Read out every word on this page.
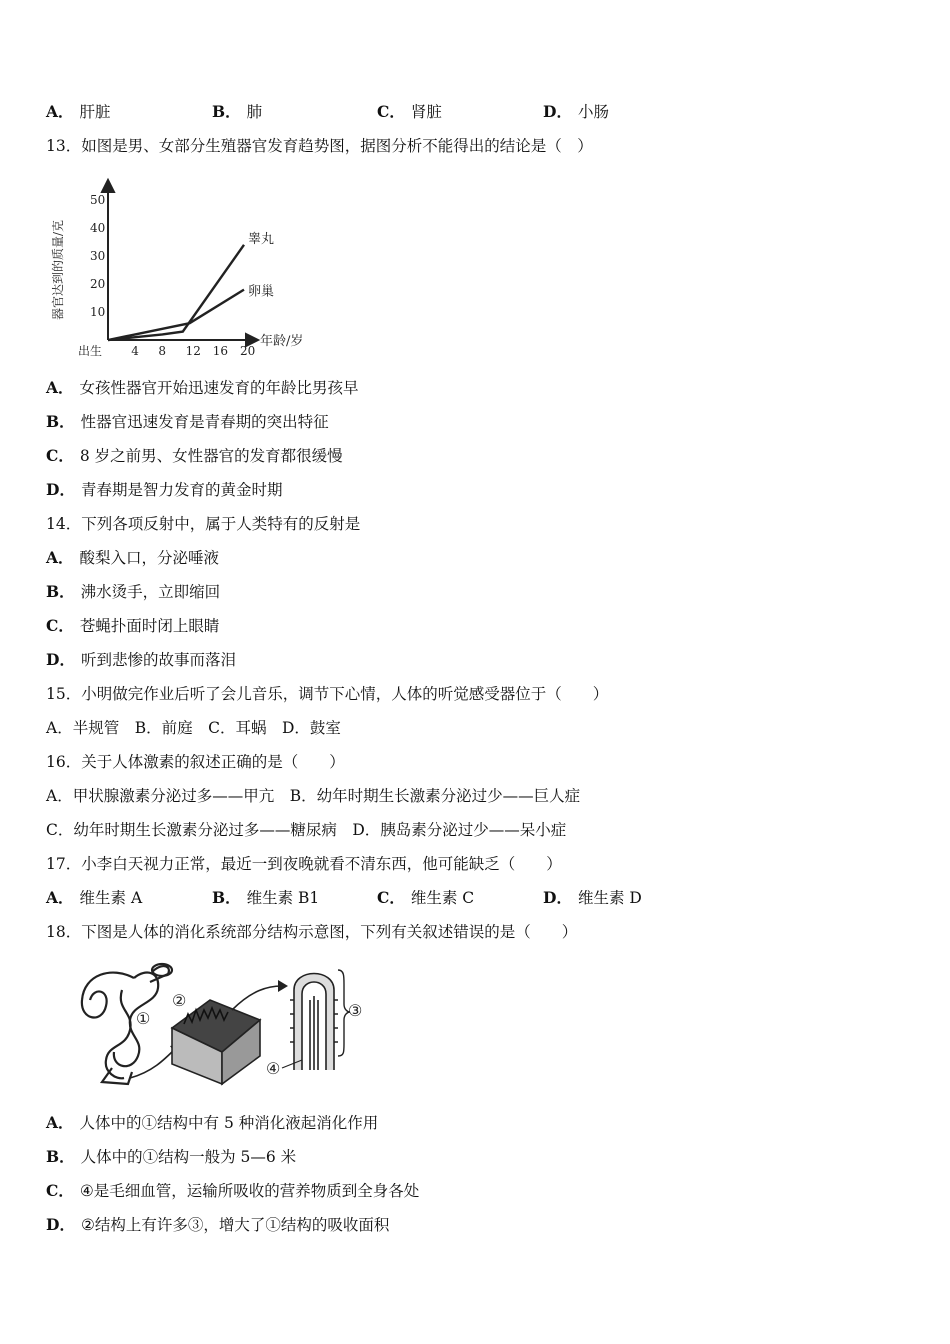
A． 肝脏	B． 肺	C． 肾脏	D． 小肠
13．如图是男、女部分生殖器官发育趋势图，据图分析不能得出的结论是（　）
器官达到的质量/克 10
20
30
40
50
出生 4 8 12 16 20
睾丸
卵巢
年龄/岁
A． 女孩性器官开始迅速发育的年龄比男孩早
B． 性器官迅速发育是青春期的突出特征
C． 8 岁之前男、女性器官的发育都很缓慢
D． 青春期是智力发育的黄金时期
14．下列各项反射中，属于人类特有的反射是
A． 酸梨入口，分泌唾液
B． 沸水烫手，立即缩回
C． 苍蝇扑面时闭上眼睛
D． 听到悲惨的故事而落泪
15．小明做完作业后听了会儿音乐，调节下心情，人体的听觉感受器位于（　　）
A．半规管　B．前庭　C．耳蜗　D．鼓室
16．关于人体激素的叙述正确的是（　　）
A．甲状腺激素分泌过多——甲亢　B．幼年时期生长激素分泌过少——巨人症
C．幼年时期生长激素分泌过多——糖尿病　D．胰岛素分泌过少——呆小症
17．小李白天视力正常，最近一到夜晚就看不清东西，他可能缺乏（　　）
A． 维生素 A	B． 维生素 B1	C． 维生素 C	D． 维生素 D
18．下图是人体的消化系统部分结构示意图，下列有关叙述错误的是（　　）
①
②
③
④
A． 人体中的①结构中有 5 种消化液起消化作用
B． 人体中的①结构一般为 5—6 米
C． ④是毛细血管，运输所吸收的营养物质到全身各处
D． ②结构上有许多③，增大了①结构的吸收面积
